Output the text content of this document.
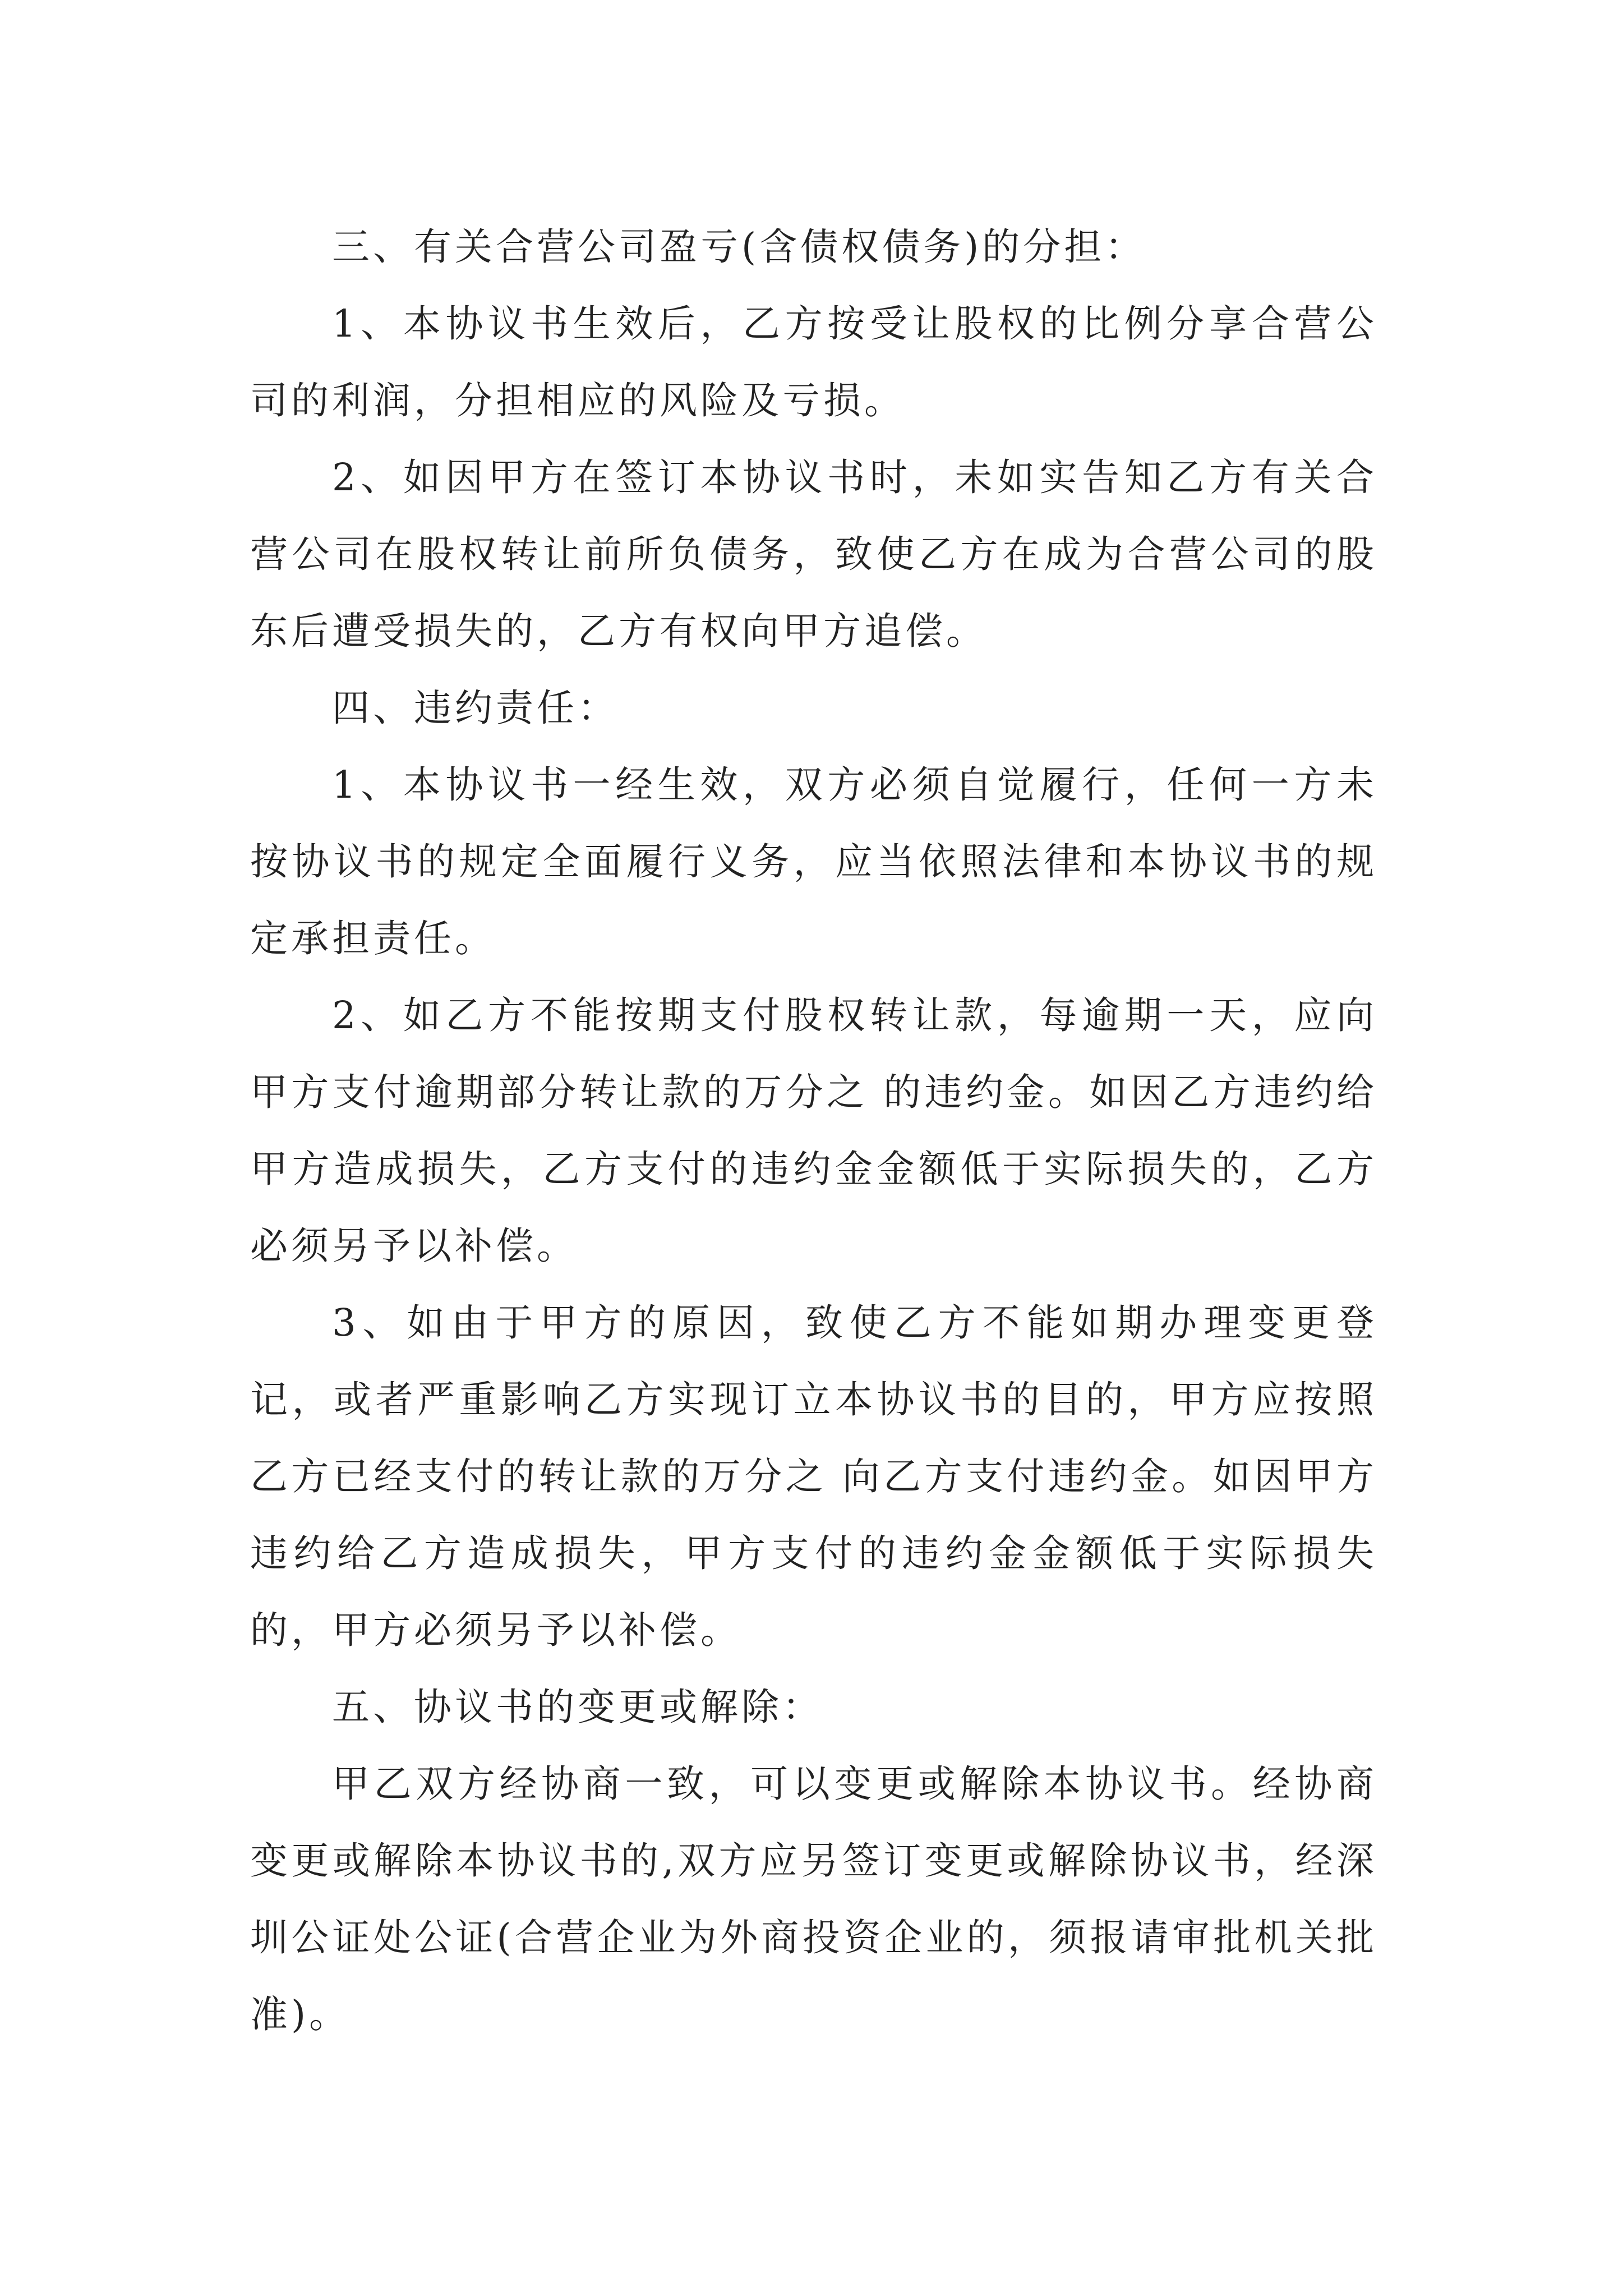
三、有关合营公司盈亏(含债权债务)的分担：

1、本协议书生效后，乙方按受让股权的比例分享合营公司的利润，分担相应的风险及亏损。

2、如因甲方在签订本协议书时，未如实告知乙方有关合营公司在股权转让前所负债务，致使乙方在成为合营公司的股东后遭受损失的，乙方有权向甲方追偿。

四、违约责任：

1、本协议书一经生效，双方必须自觉履行，任何一方未按协议书的规定全面履行义务，应当依照法律和本协议书的规定承担责任。

2、如乙方不能按期支付股权转让款，每逾期一天，应向甲方支付逾期部分转让款的万分之 的违约金。如因乙方违约给甲方造成损失，乙方支付的违约金金额低于实际损失的，乙方必须另予以补偿。

3、如由于甲方的原因，致使乙方不能如期办理变更登记，或者严重影响乙方实现订立本协议书的目的，甲方应按照乙方已经支付的转让款的万分之 向乙方支付违约金。如因甲方违约给乙方造成损失，甲方支付的违约金金额低于实际损失的，甲方必须另予以补偿。

五、协议书的变更或解除：

甲乙双方经协商一致，可以变更或解除本协议书。经协商变更或解除本协议书的,双方应另签订变更或解除协议书，经深圳公证处公证(合营企业为外商投资企业的，须报请审批机关批准)。
